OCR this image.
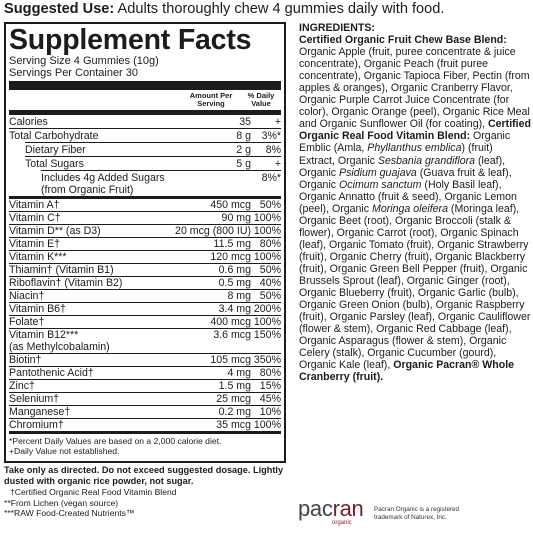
Suggested Use: Adults thoroughly chew 4 gummies daily with food.
Supplement Facts
Serving Size 4 Gummies (10g)
Servings Per Container 30
Amount Per Serving
% Daily Value
Calories	35	+
Total Carbohydrate	8 g 3%*
Dietary Fiber	2 g	8%
Total Sugars	5 g	+
Includes 4g Added Sugars
(from Organic Fruit)
8%*
Vitamin A†	450 mcg 50%
Vitamin C†	90 mg 100%
Vitamin D** (as D3)	20 mcg (800 IU) 100%
Vitamin E†	11.5 mg 80%
Vitamin K***	120 mcg 100%
Thiamin† (Vitamin B1)	0.6 mg 50%
Riboflavin† (Vitamin B2)	0.5 mg 40%
Niacin†	8 mg 50%
Vitamin B6†	3.4 mg 200%
Folate†	400 mcg 100%
Vitamin B12***
(as Methylcobalamin)
3.6 mcg 150%
Biotin†	105 mcg 350%
Pantothenic Acid†	4 mg 80%
Zinc†	1.5 mg 15%
Selenium†	25 mcg 45%
Manganese†	0.2 mg 10%
Chromium†	35 mcg 100%
*Percent Daily Values are based on a 2,000 calorie diet.
+Daily Value not established.
Take only as directed. Do not exceed suggested dosage. Lightly dusted with organic rice powder, not sugar.
†Certified Organic Real Food Vitamin Blend
**From Lichen (vegan source)
***RAW Food-Created Nutrients™
INGREDIENTS:
Certified Organic Fruit Chew Base Blend: Organic Apple (fruit, puree concentrate & juice concentrate), Organic Peach (fruit puree concentrate), Organic Tapioca Fiber, Pectin (from apples & oranges), Organic Cranberry Flavor, Organic Purple Carrot Juice Concentrate (for color), Organic Orange (peel), Organic Rice Meal and Organic Sunflower Oil (for coating), Certified Organic Real Food Vitamin Blend: Organic Emblic (Amla, Phyllanthus emblica) (fruit) Extract, Organic Sesbania grandiflora (leaf), Organic Psidium guajava (Guava fruit & leaf), Organic Ocimum sanctum (Holy Basil leaf), Organic Annatto (fruit & seed), Organic Lemon (peel), Organic Moringa oleifera (Moringa leaf), Organic Beet (root), Organic Broccoli (stalk & flower), Organic Carrot (root), Organic Spinach (leaf), Organic Tomato (fruit), Organic Strawberry (fruit), Organic Cherry (fruit), Organic Blackberry (fruit), Organic Green Bell Pepper (fruit), Organic Brussels Sprout (leaf), Organic Ginger (root), Organic Blueberry (fruit), Organic Garlic (bulb), Organic Green Onion (bulb), Organic Raspberry (fruit), Organic Parsley (leaf), Organic Cauliflower (flower & stem), Organic Red Cabbage (leaf), Organic Asparagus (flower & stem), Organic Celery (stalk), Organic Cucumber (gourd), Organic Kale (leaf), Organic Pacran® Whole Cranberry (fruit).
pacran
organic
Pacran Organic is a registered trademark of Naturex, Inc.
